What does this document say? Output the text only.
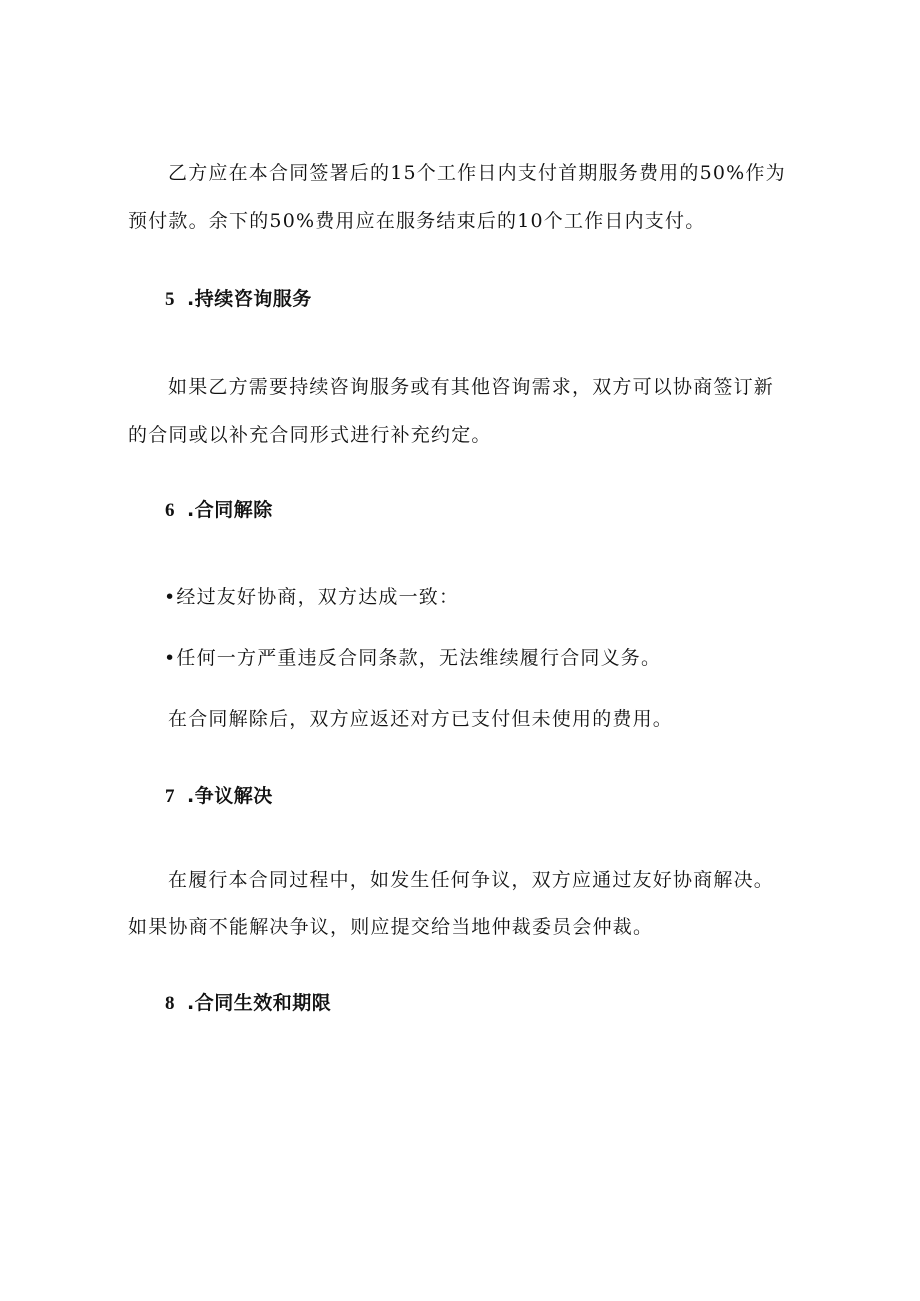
乙方应在本合同签署后的15个工作日内支付首期服务费用的50%作为
预付款。余下的50%费用应在服务结束后的10个工作日内支付。
5 .持续咨询服务
如果乙方需要持续咨询服务或有其他咨询需求，双方可以协商签订新
的合同或以补充合同形式进行补充约定。
6 .合同解除
•经过友好协商，双方达成一致：
•任何一方严重违反合同条款，无法维续履行合同义务。
在合同解除后，双方应返还对方已支付但未使用的费用。
7 .争议解决
在履行本合同过程中，如发生任何争议，双方应通过友好协商解决。
如果协商不能解决争议，则应提交给当地仲裁委员会仲裁。
8 .合同生效和期限
